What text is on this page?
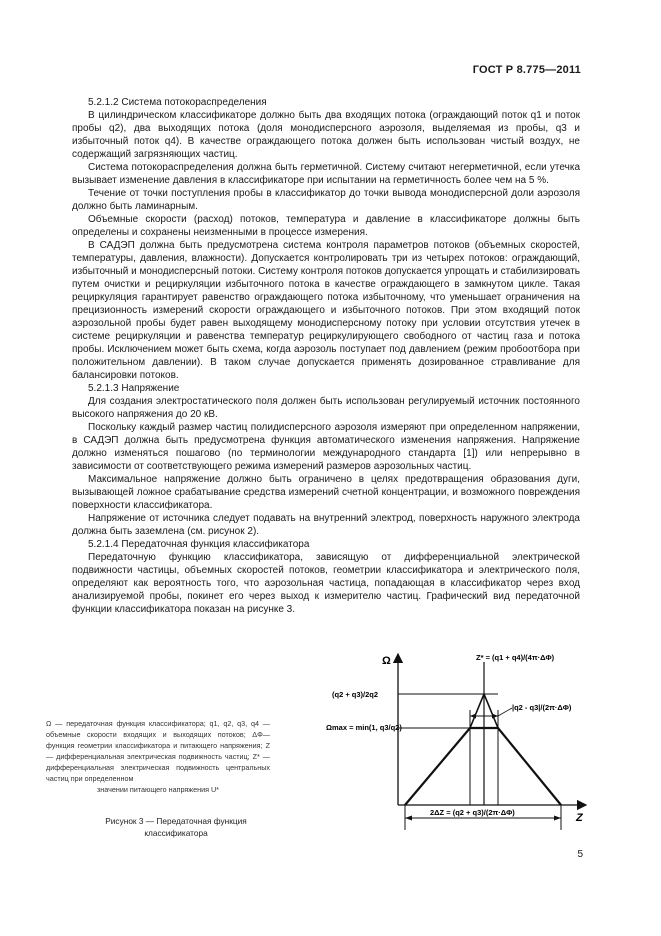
ГОСТ Р 8.775—2011

5.2.1.2 Система потокораспределения

В цилиндрическом классификаторе должно быть два входящих потока (ограждающий поток q1 и поток пробы q2), два выходящих потока (доля монодисперсного аэрозоля, выделяемая из пробы, q3 и избыточный поток q4). В качестве ограждающего потока должен быть использован чистый воздух, не содержащий загрязняющих частиц.

Система потокораспределения должна быть герметичной. Систему считают негерметичной, если утечка вызывает изменение давления в классификаторе при испытании на герметичность более чем на 5 %.

Течение от точки поступления пробы в классификатор до точки вывода монодисперсной доли аэрозоля должно быть ламинарным.

Объемные скорости (расход) потоков, температура и давление в классификаторе должны быть определены и сохранены неизменными в процессе измерения.

В САДЭП должна быть предусмотрена система контроля параметров потоков (объемных скоростей, температуры, давления, влажности). Допускается контролировать три из четырех потоков: ограждающий, избыточный и монодисперсный потоки. Систему контроля потоков допускается упрощать и стабилизировать путем очистки и рециркуляции избыточного потока в качестве ограждающего в замкнутом цикле. Такая рециркуляция гарантирует равенство ограждающего потока избыточному, что уменьшает ограничения на прецизионность измерений скорости ограждающего и избыточного потоков. При этом входящий поток аэрозольной пробы будет равен выходящему монодисперсному потоку при условии отсутствия утечек в системе рециркуляции и равенства температур рециркулирующего свободного от частиц газа и потока пробы. Исключением может быть схема, когда аэрозоль поступает под давлением (режим пробоотбора при положительном давлении). В таком случае допускается применять дозированное стравливание для балансировки потоков.

5.2.1.3 Напряжение

Для создания электростатического поля должен быть использован регулируемый источник постоянного высокого напряжения до 20 кВ.

Поскольку каждый размер частиц полидисперсного аэрозоля измеряют при определенном напряжении, в САДЭП должна быть предусмотрена функция автоматического изменения напряжения. Напряжение должно изменяться пошагово (по терминологии международного стандарта [1]) или непрерывно в зависимости от соответствующего режима измерений размеров аэрозольных частиц.

Максимальное напряжение должно быть ограничено в целях предотвращения образования дуги, вызывающей ложное срабатывание средства измерений счетной концентрации, и возможного повреждения поверхности классификатора.

Напряжение от источника следует подавать на внутренний электрод, поверхность наружного электрода должна быть заземлена (см. рисунок 2).

5.2.1.4 Передаточная функция классификатора

Передаточную функцию классификатора, зависящую от дифференциальной электрической подвижности частицы, объемных скоростей потоков, геометрии классификатора и электрического поля, определяют как вероятность того, что аэрозольная частица, попадающая в классификатор через вход анализируемой пробы, покинет его через выход к измерителю частиц. Графический вид передаточной функции классификатора показан на рисунке 3.

Ω — передаточная функция классификатора; q1, q2, q3, q4 — объемные скорости входящих и выходящих потоков; ΔΦ— функция геометрии классификатора и питающего напряжения; Z — дифференциальная электрическая подвижность частиц; Z* — дифференциальная электрическая подвижность центральных частиц при определенном
значении питающего напряжения U*
Рисунок 3 — Передаточная функция
классификатора
Ω
Z
Z* = (q1 + q4)/(4π·ΔΦ)
(q2 + q3)/2q2
Ωmax = min(1, q3/q2)
|q2 - q3|/(2π·ΔΦ)
2ΔZ = (q2 + q3)/(2π·ΔΦ)
5
